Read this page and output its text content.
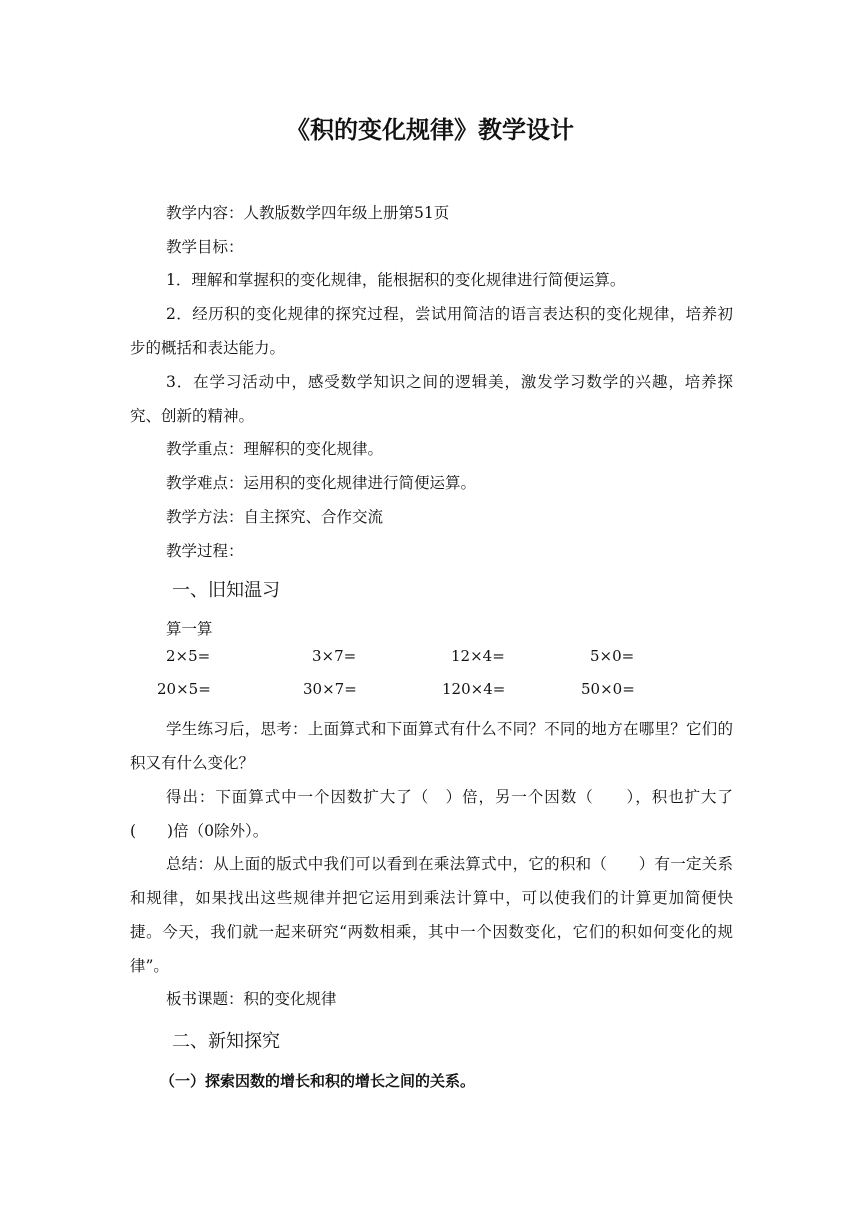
《积的变化规律》教学设计
教学内容：人教版数学四年级上册第51页
教学目标：
1．理解和掌握积的变化规律，能根据积的变化规律进行简便运算。
2．经历积的变化规律的探究过程，尝试用简洁的语言表达积的变化规律，培养初步的概括和表达能力。
3．在学习活动中，感受数学知识之间的逻辑美，激发学习数学的兴趣，培养探究、创新的精神。
教学重点：理解积的变化规律。
教学难点：运用积的变化规律进行简便运算。
教学方法：自主探究、合作交流
教学过程：
一、旧知温习
算一算
2×5=	3×7=	12×4=	5×0=
20×5=	30×7=	120×4=	50×0=
学生练习后，思考：上面算式和下面算式有什么不同？不同的地方在哪里？它们的积又有什么变化？
得出：下面算式中一个因数扩大了（　）倍，另一个因数（　　），积也扩大了(　　)倍（0除外）。
总结：从上面的版式中我们可以看到在乘法算式中，它的积和（　　）有一定关系和规律，如果找出这些规律并把它运用到乘法计算中，可以使我们的计算更加简便快捷。今天，我们就一起来研究“两数相乘，其中一个因数变化，它们的积如何变化的规律”。
板书课题：积的变化规律
二、新知探究
（一）探索因数的增长和积的增长之间的关系。
